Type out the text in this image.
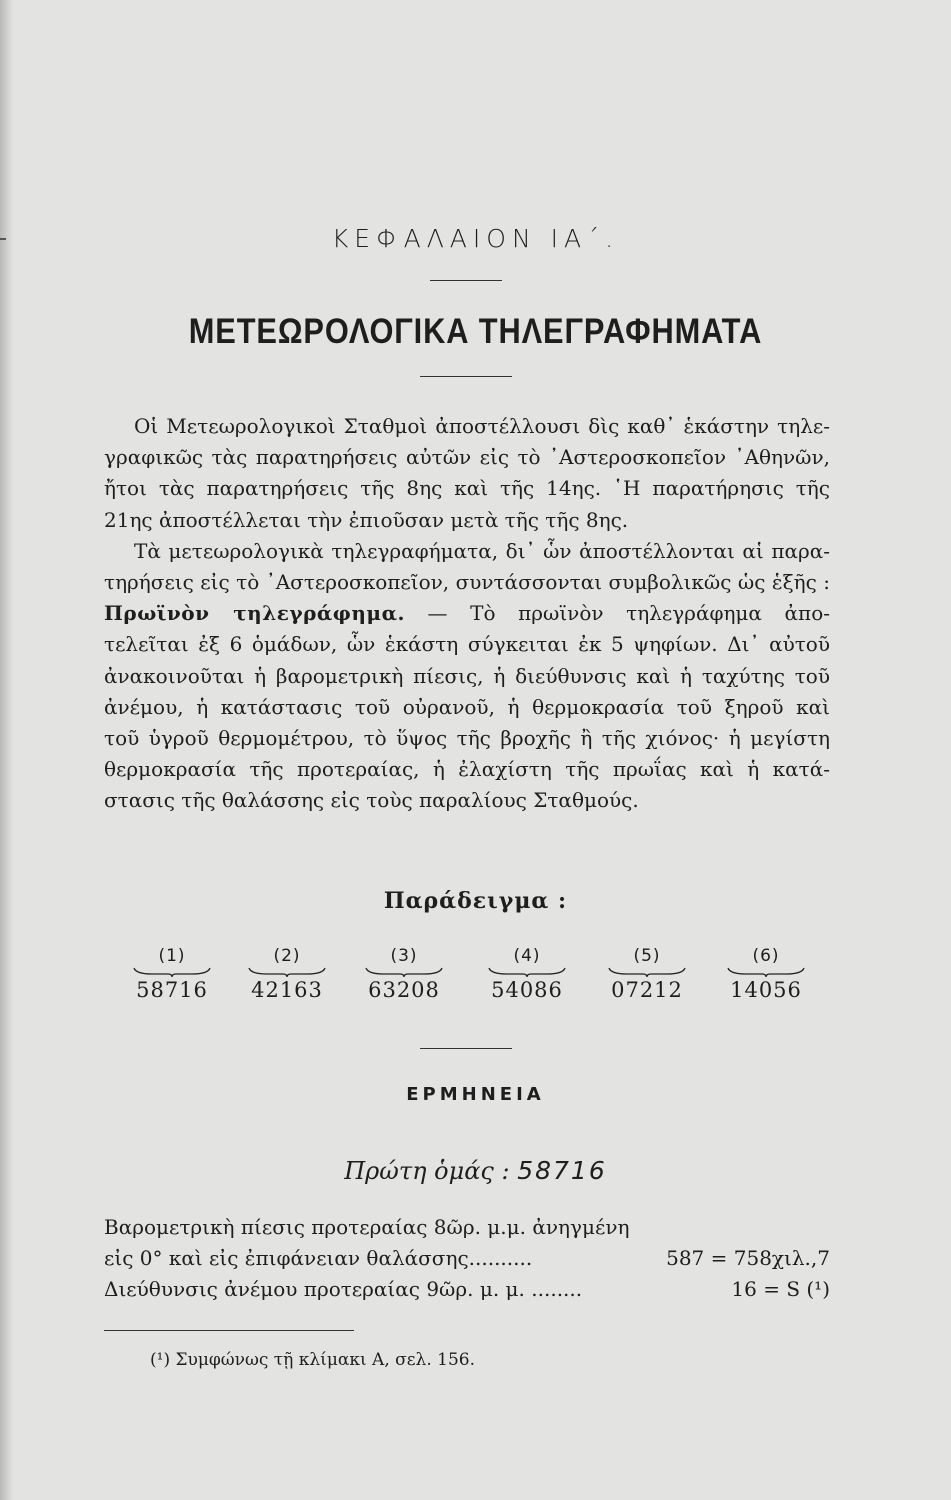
ΚΕΦΑΛΑΙΟΝ ΙΑ΄.
ΜΕΤΕΩΡΟΛΟΓΙΚΑ ΤΗΛΕΓΡΑΦΗΜΑΤΑ
Οἱ Μετεωρολογικοὶ Σταθμοὶ ἀποστέλλουσι δὶς καθ᾽ ἑκάστην τηλε-
γραφικῶς τὰς παρατηρήσεις αὐτῶν εἰς τὸ ᾽Αστεροσκοπεῖον ᾽Αθηνῶν,
ἤτοι τὰς παρατηρήσεις τῆς 8ης καὶ τῆς 14ης. ῾Η παρατήρησις τῆς
21ης ἀποστέλλεται τὴν ἐπιοῦσαν μετὰ τῆς τῆς 8ης.
Τὰ μετεωρολογικὰ τηλεγραφήματα, δι᾽ ὧν ἀποστέλλονται αἱ παρα-
τηρήσεις εἰς τὸ ᾽Αστεροσκοπεῖον, συντάσσονται συμβολικῶς ὡς ἑξῆς :
Πρωϊνὸν τηλεγράφημα. — Τὸ πρωϊνὸν τηλεγράφημα ἀπο-
τελεῖται ἐξ 6 ὁμάδων, ὧν ἑκάστη σύγκειται ἐκ 5 ψηφίων. Δι᾽ αὐτοῦ
ἀνακοινοῦται ἡ βαρομετρικὴ πίεσις, ἡ διεύθυνσις καὶ ἡ ταχύτης τοῦ
ἀνέμου, ἡ κατάστασις τοῦ οὐρανοῦ, ἡ θερμοκρασία τοῦ ξηροῦ καὶ
τοῦ ὑγροῦ θερμομέτρου, τὸ ὕψος τῆς βροχῆς ἢ τῆς χιόνος· ἡ μεγίστη
θερμοκρασία τῆς προτεραίας, ἡ ἐλαχίστη τῆς πρωΐας καὶ ἡ κατά-
στασις τῆς θαλάσσης εἰς τοὺς παραλίους Σταθμούς.
Παράδειγμα :
(1)
58716
(2)
42163
(3)
63208
(4)
54086
(5)
07212
(6)
14056
ΕΡΜΗΝΕΙΑ
Πρώτη ὁμάς : 58716
Βαρομετρικὴ πίεσις προτεραίας 8ῶρ. μ.μ. ἀνηγμένη
εἰς 0° καὶ εἰς ἐπιφάνειαν θαλάσσης..........	587 = 758χιλ.,7
Διεύθυνσις ἀνέμου προτεραίας 9ῶρ. μ. μ. ........	16 = S (¹)
(¹) Συμφώνως τῇ κλίμακι Α, σελ. 156.
